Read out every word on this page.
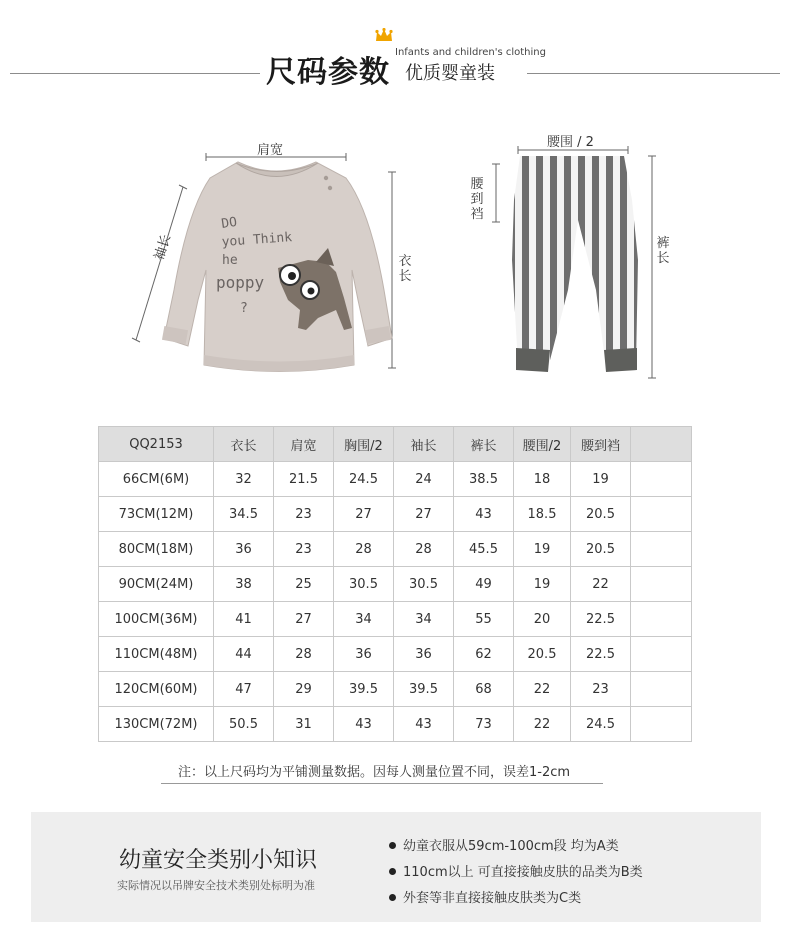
尺码参数
Infants and children's clothing
优质婴童装
肩宽
DO
you Think
he
poppy
?
袖长	衣长
腰围 / 2
腰到裆
裤长
QQ2153	衣长	肩宽	胸围/2	袖长	裤长	腰围/2	腰到裆	
66CM(6M)	32	21.5	24.5	24	38.5	18	19	
73CM(12M)	34.5	23	27	27	43	18.5	20.5	
80CM(18M)	36	23	28	28	45.5	19	20.5	
90CM(24M)	38	25	30.5	30.5	49	19	22	
100CM(36M)	41	27	34	34	55	20	22.5	
110CM(48M)	44	28	36	36	62	20.5	22.5	
120CM(60M)	47	29	39.5	39.5	68	22	23	
130CM(72M)	50.5	31	43	43	73	22	24.5	
注：以上尺码均为平铺测量数据。因每人测量位置不同，误差1-2cm
幼童安全类别小知识
实际情况以吊牌安全技术类别处标明为准
幼童衣服从59cm-100cm段 均为A类
110cm以上 可直接接触皮肤的品类为B类
外套等非直接接触皮肤类为C类
